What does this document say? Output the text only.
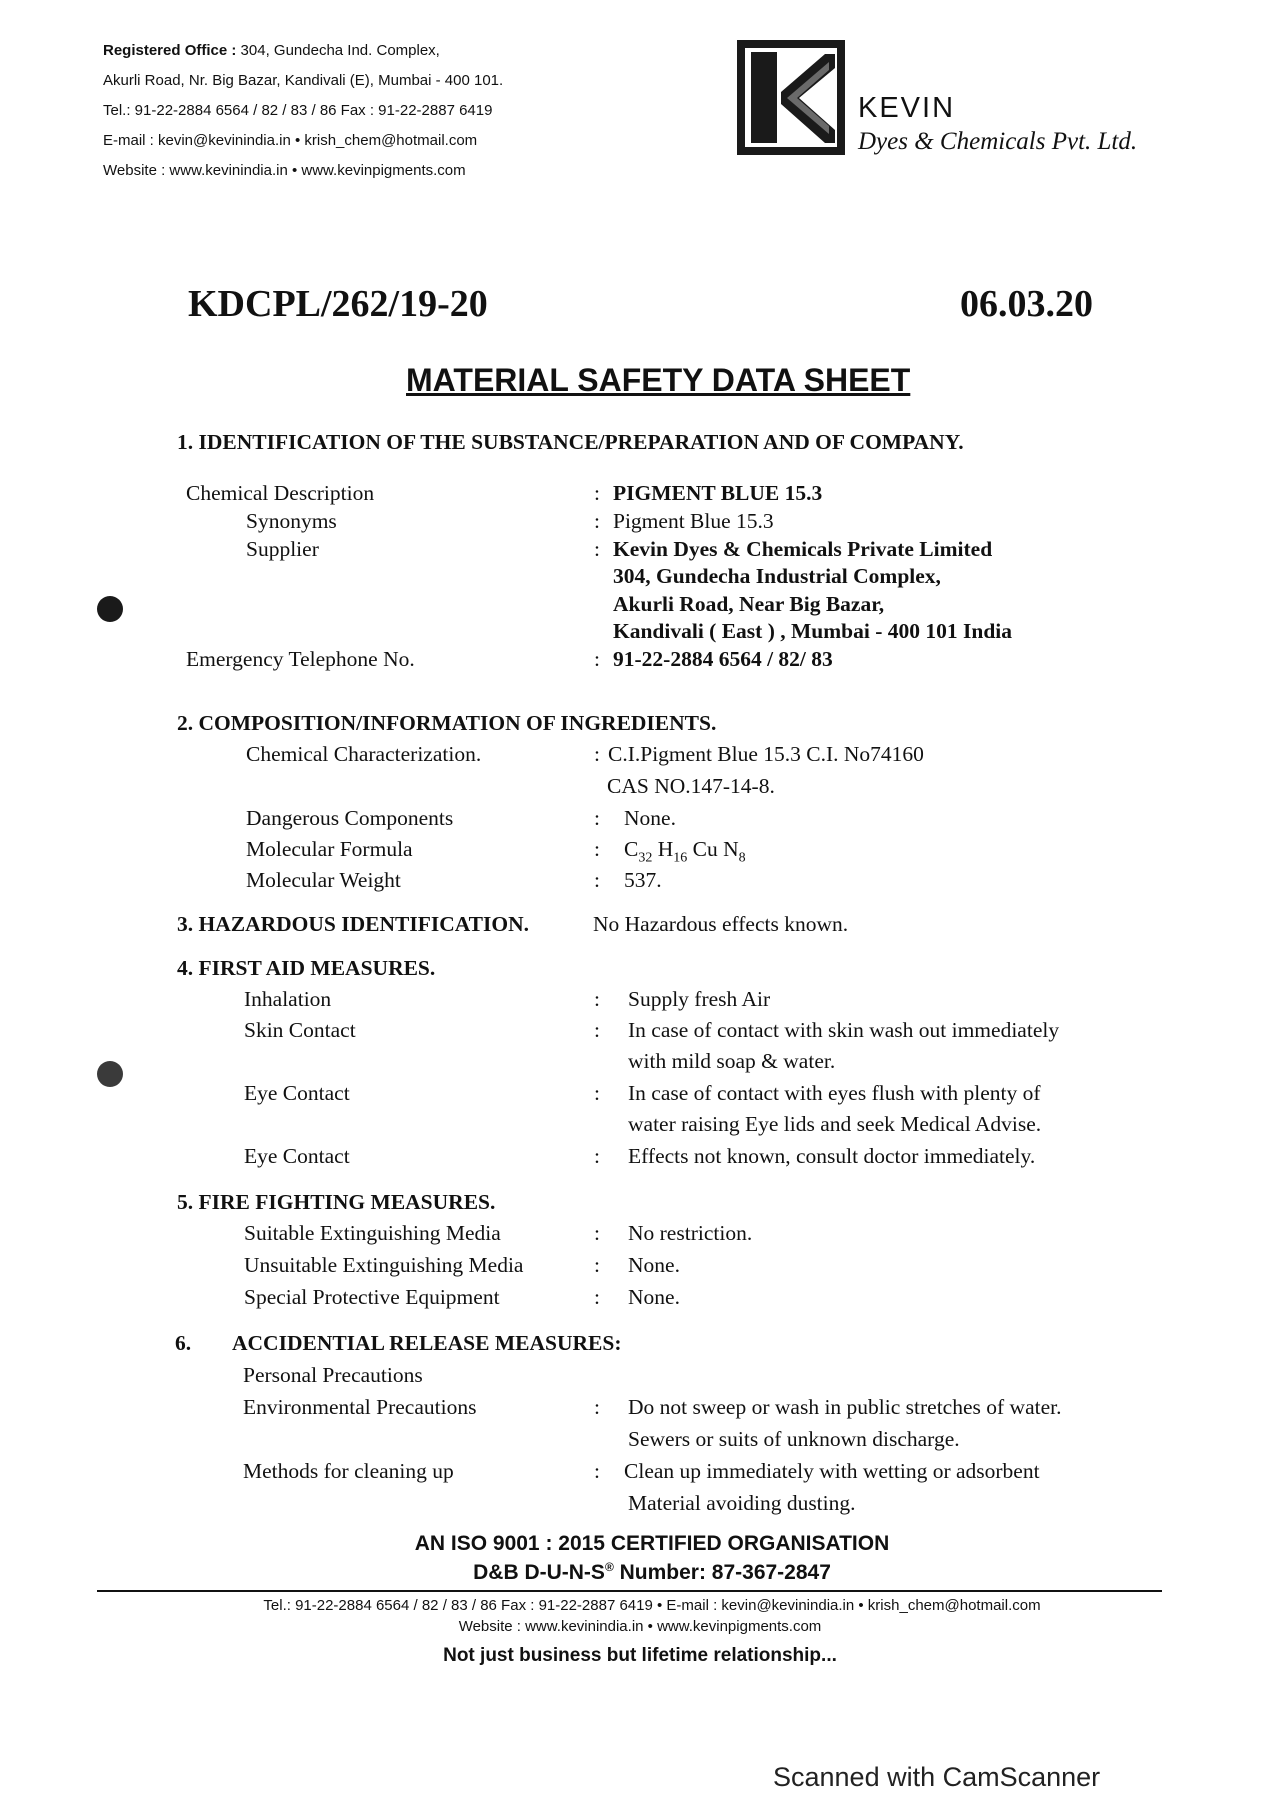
Registered Office : 304, Gundecha Ind. Complex,
Akurli Road, Nr. Big Bazar, Kandivali (E), Mumbai - 400 101.
Tel.: 91-22-2884 6564 / 82 / 83 / 86 Fax : 91-22-2887 6419
E-mail : kevin@kevinindia.in • krish_chem@hotmail.com
Website : www.kevinindia.in • www.kevinpigments.com
KEVIN
Dyes & Chemicals Pvt. Ltd.
KDCPL/262/19-20	06.03.20
MATERIAL SAFETY DATA SHEET
1. IDENTIFICATION OF THE SUBSTANCE/PREPARATION AND OF COMPANY.
Chemical Description	: PIGMENT BLUE 15.3
Synonyms	: Pigment Blue 15.3
Supplier	: Kevin Dyes & Chemicals Private Limited
304, Gundecha Industrial Complex,
Akurli Road, Near Big Bazar,
Kandivali ( East ) , Mumbai - 400 101 India
Emergency Telephone No.	: 91-22-2884 6564 / 82/ 83
2. COMPOSITION/INFORMATION OF INGREDIENTS.
Chemical Characterization.	: C.I.Pigment Blue 15.3 C.I. No74160
CAS NO.147-14-8.
Dangerous Components	: None.
Molecular Formula	: $C_{32}$ $H_{16}$ Cu $N_8$
Molecular Weight	: 537.
3. HAZARDOUS IDENTIFICATION.	No Hazardous effects known.
4. FIRST AID MEASURES.
Inhalation	: Supply fresh Air
Skin Contact	: In case of contact with skin wash out immediately
with mild soap & water.
Eye Contact	: In case of contact with eyes flush with plenty of
water raising Eye lids and seek Medical Advise.
Eye Contact	: Effects not known, consult doctor immediately.
5. FIRE FIGHTING MEASURES.
Suitable Extinguishing Media	: No restriction.
Unsuitable Extinguishing Media	: None.
Special Protective Equipment	: None.
6. ACCIDENTIAL RELEASE MEASURES:
Personal Precautions
Environmental Precautions	: Do not sweep or wash in public stretches of water.
Sewers or suits of unknown discharge.
Methods for cleaning up	: Clean up immediately with wetting or adsorbent
Material avoiding dusting.
AN ISO 9001 : 2015 CERTIFIED ORGANISATION
D&B D-U-N-S® Number: 87-367-2847
Tel.: 91-22-2884 6564 / 82 / 83 / 86 Fax : 91-22-2887 6419 • E-mail : kevin@kevinindia.in • krish_chem@hotmail.com
Website : www.kevinindia.in • www.kevinpigments.com
Not just business but lifetime relationship...
Scanned with CamScanner
